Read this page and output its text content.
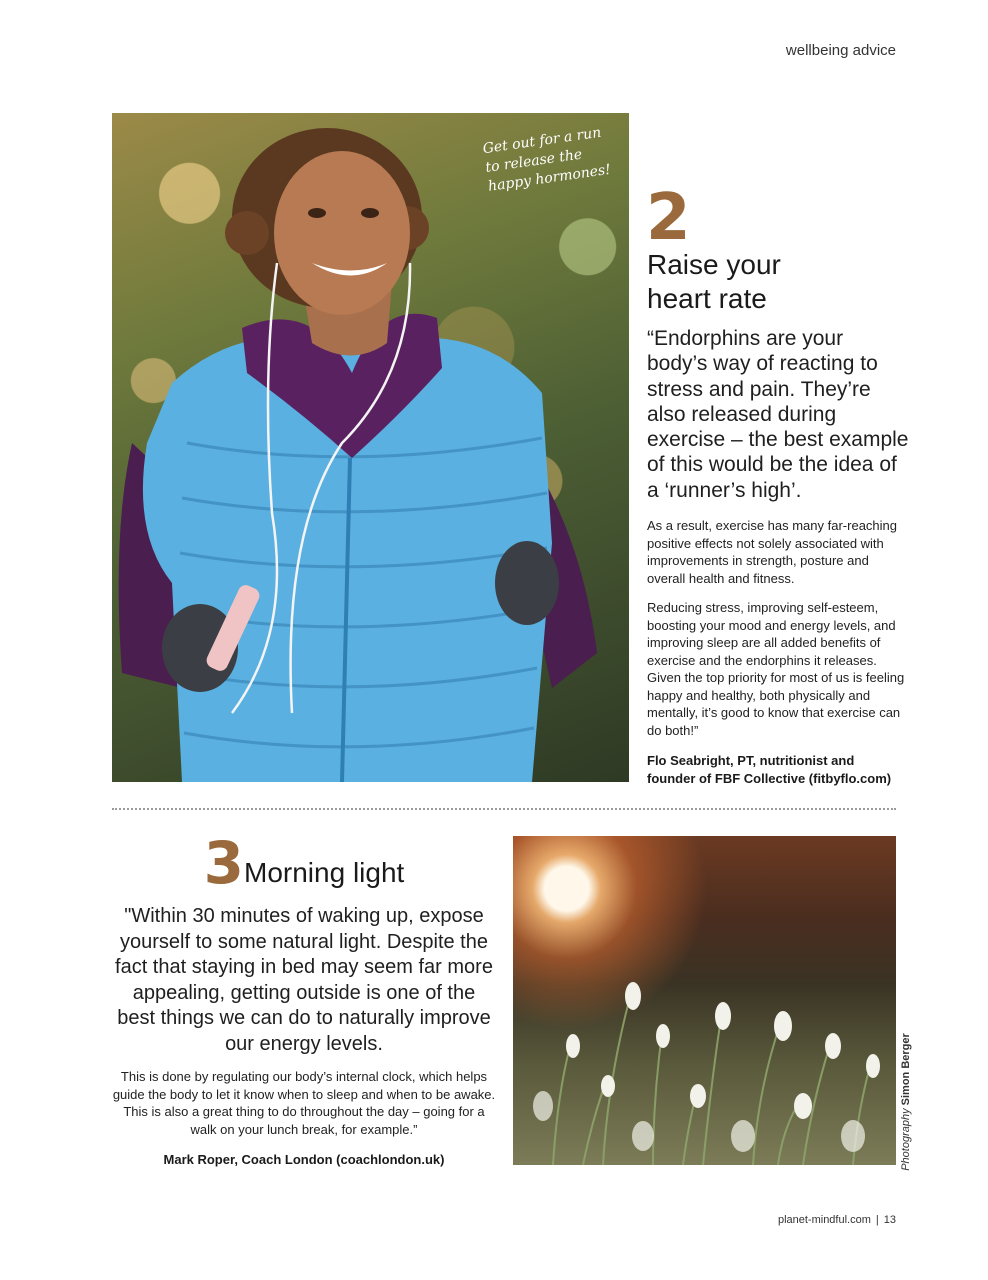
wellbeing advice
Get out for a run to release the happy hormones!
2
Raise your
heart rate
“Endorphins are your body’s way of reacting to stress and pain. They’re also released during exercise – the best example of this would be the idea of a ‘runner’s high’.
As a result, exercise has many far-reaching positive effects not solely associated with improvements in strength, posture and overall health and fitness.
Reducing stress, improving self-esteem, boosting your mood and energy levels, and improving sleep are all added benefits of exercise and the endorphins it releases. Given the top priority for most of us is feeling happy and healthy, both physically and mentally, it’s good to know that exercise can do both!”
Flo Seabright, PT, nutritionist and
founder of FBF Collective (fitbyflo.com)
3Morning light
"Within 30 minutes of waking up, expose yourself to some natural light. Despite the fact that staying in bed may seem far more appealing, getting outside is one of the best things we can do to naturally improve our energy levels.
This is done by regulating our body’s internal clock, which helps guide the body to let it know when to sleep and when to be awake. This is also a great thing to do throughout the day – going for a walk on your lunch break, for example.”
Mark Roper, Coach London (coachlondon.uk)	Photography Simon Berger
planet-mindful.com | 13
